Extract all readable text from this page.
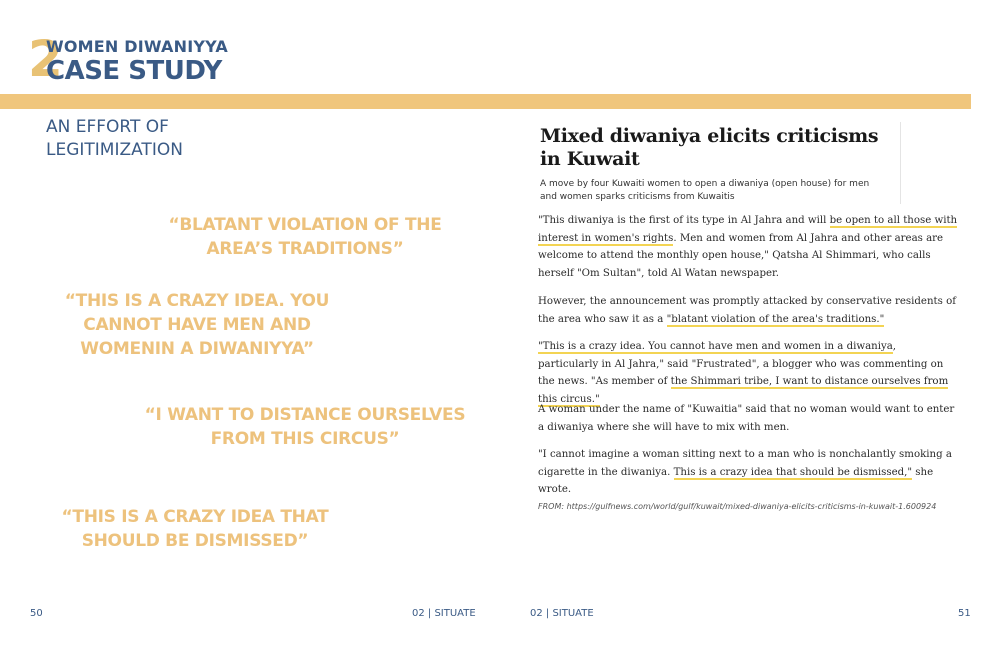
2
WOMEN DIWANIYYA
CASE STUDY
AN EFFORT OF
LEGITIMIZATION
“BLATANT VIOLATION OF THE
AREA’S TRADITIONS”
“THIS IS A CRAZY IDEA. YOU
CANNOT HAVE MEN AND
WOMENIN A DIWANIYYA”
“I WANT TO DISTANCE OURSELVES
FROM THIS CIRCUS”
“THIS IS A CRAZY IDEA THAT
SHOULD BE DISMISSED”
Mixed diwaniya elicits criticisms in Kuwait
A move by four Kuwaiti women to open a diwaniya (open house) for men and women sparks criticisms from Kuwaitis
"This diwaniya is the first of its type in Al Jahra and will be open to all those with interest in women's rights. Men and women from Al Jahra and other areas are welcome to attend the monthly open house," Qatsha Al Shimmari, who calls herself "Om Sultan", told Al Watan newspaper.
However, the announcement was promptly attacked by conservative residents of the area who saw it as a "blatant violation of the area's traditions."
"This is a crazy idea. You cannot have men and women in a diwaniya, particularly in Al Jahra," said "Frustrated", a blogger who was commenting on the news. "As member of the Shimmari tribe, I want to distance ourselves from this circus."
A woman under the name of "Kuwaitia" said that no woman would want to enter a diwaniya where she will have to mix with men.
"I cannot imagine a woman sitting next to a man who is nonchalantly smoking a cigarette in the diwaniya. This is a crazy idea that should be dismissed," she wrote.
FROM: https://gulfnews.com/world/gulf/kuwait/mixed-diwaniya-elicits-criticisms-in-kuwait-1.600924
50	02 | SITUATE	02 | SITUATE	51
